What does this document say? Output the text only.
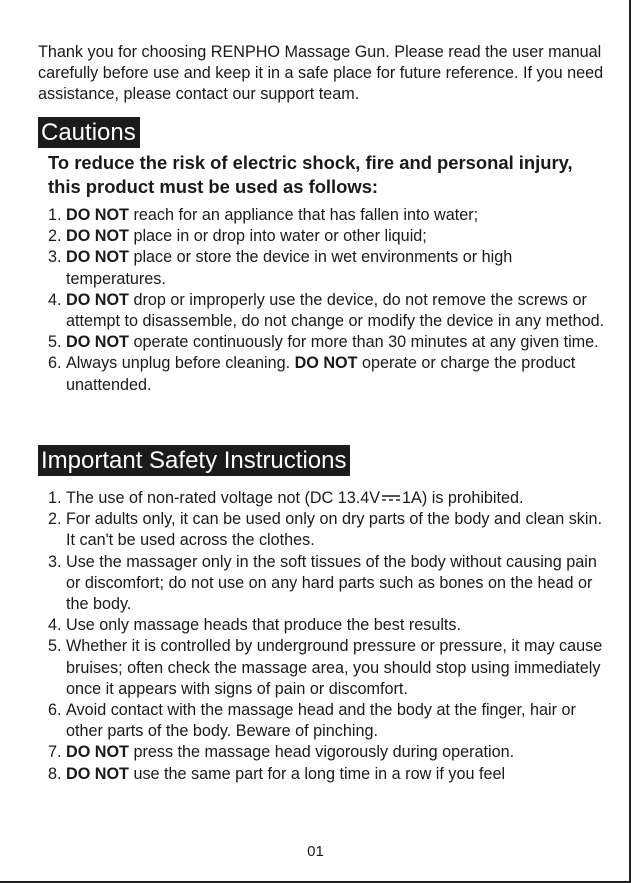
Thank you for choosing RENPHO Massage Gun. Please read the user manual carefully before use and keep it in a safe place for future reference. If you need assistance, please contact our support team.

Cautions

To reduce the risk of electric shock, fire and personal injury, this product must be used as follows:

1. DO NOT reach for an appliance that has fallen into water;
2. DO NOT place in or drop into water or other liquid;
3. DO NOT place or store the device in wet environments or high temperatures.
4. DO NOT drop or improperly use the device, do not remove the screws or attempt to disassemble, do not change or modify the device in any method.
5. DO NOT operate continuously for more than 30 minutes at any given time.
6. Always unplug before cleaning. DO NOT operate or charge the product unattended.
Important Safety Instructions
1. The use of non-rated voltage not (DC 13.4V 1A) is prohibited.
2. For adults only, it can be used only on dry parts of the body and clean skin. It can't be used across the clothes.
3. Use the massager only in the soft tissues of the body without causing pain or discomfort; do not use on any hard parts such as bones on the head or the body.
4. Use only massage heads that produce the best results.
5. Whether it is controlled by underground pressure or pressure, it may cause bruises; often check the massage area, you should stop using immediately once it appears with signs of pain or discomfort.
6. Avoid contact with the massage head and the body at the finger, hair or other parts of the body. Beware of pinching.
7. DO NOT press the massage head vigorously during operation.
8. DO NOT use the same part for a long time in a row if you feel
01
